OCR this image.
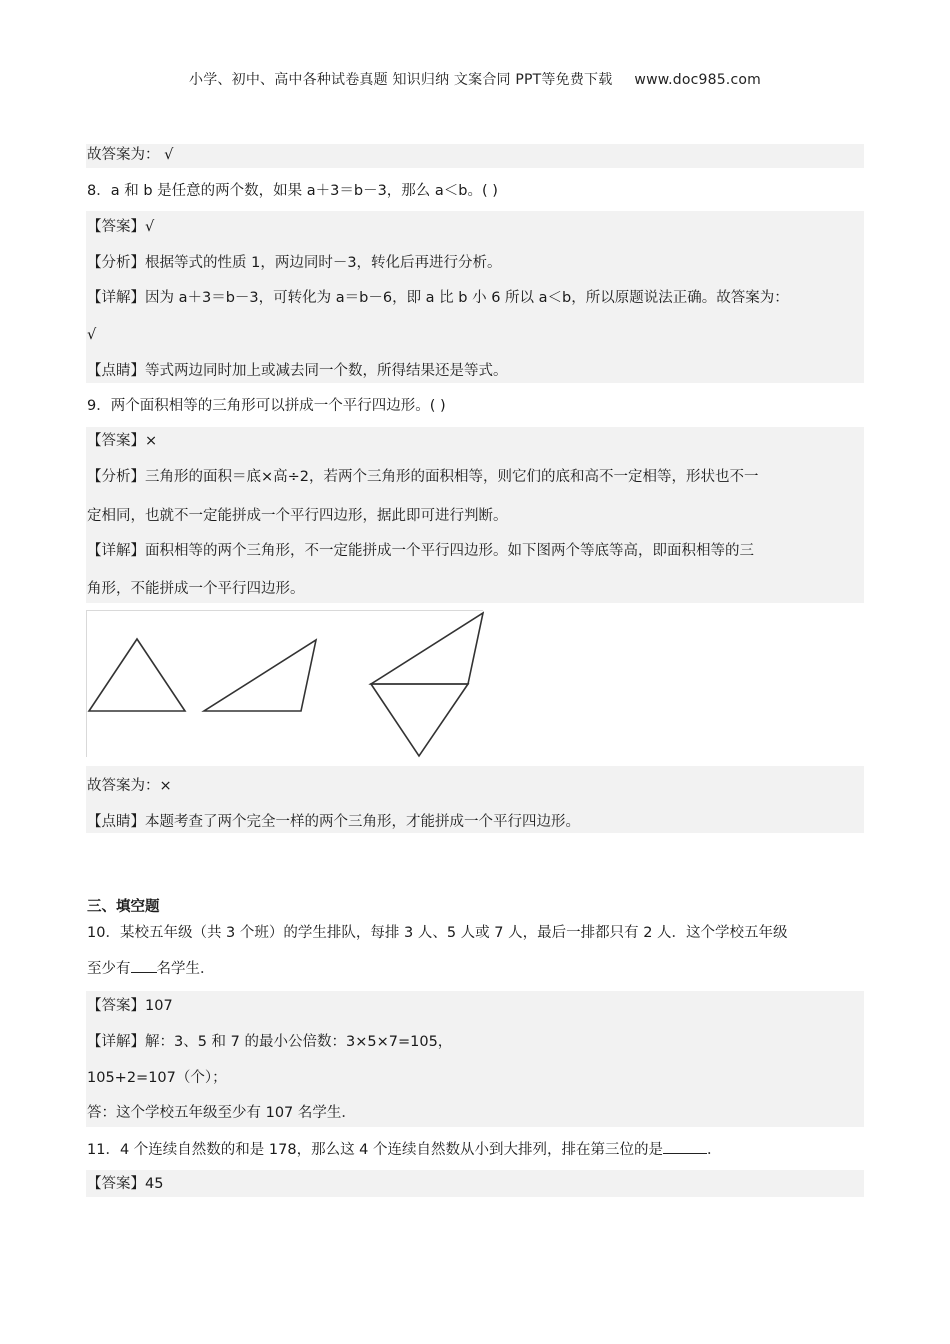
小学、初中、高中各种试卷真题 知识归纳 文案合同 PPT等免费下载 www.doc985.com
故答案为： √
8．a 和 b 是任意的两个数，如果 a＋3＝b－3，那么 a＜b。( )
【答案】√
【分析】根据等式的性质 1，两边同时－3，转化后再进行分析。
【详解】因为 a＋3＝b－3，可转化为 a＝b－6，即 a 比 b 小 6 所以 a＜b，所以原题说法正确。故答案为：
√
【点睛】等式两边同时加上或减去同一个数，所得结果还是等式。
9．两个面积相等的三角形可以拼成一个平行四边形。( )
【答案】×
【分析】三角形的面积＝底×高÷2，若两个三角形的面积相等，则它们的底和高不一定相等，形状也不一
定相同，也就不一定能拼成一个平行四边形，据此即可进行判断。
【详解】面积相等的两个三角形，不一定能拼成一个平行四边形。如下图两个等底等高，即面积相等的三
角形，不能拼成一个平行四边形。
故答案为：×
【点睛】本题考查了两个完全一样的两个三角形，才能拼成一个平行四边形。
三、填空题
10．某校五年级（共 3 个班）的学生排队，每排 3 人、5 人或 7 人，最后一排都只有 2 人．这个学校五年级
至少有 名学生．
【答案】107
【详解】解：3、5 和 7 的最小公倍数：3×5×7=105，
105+2=107（个）；
答：这个学校五年级至少有 107 名学生．
11．4 个连续自然数的和是 178，那么这 4 个连续自然数从小到大排列，排在第三位的是	．
【答案】45
